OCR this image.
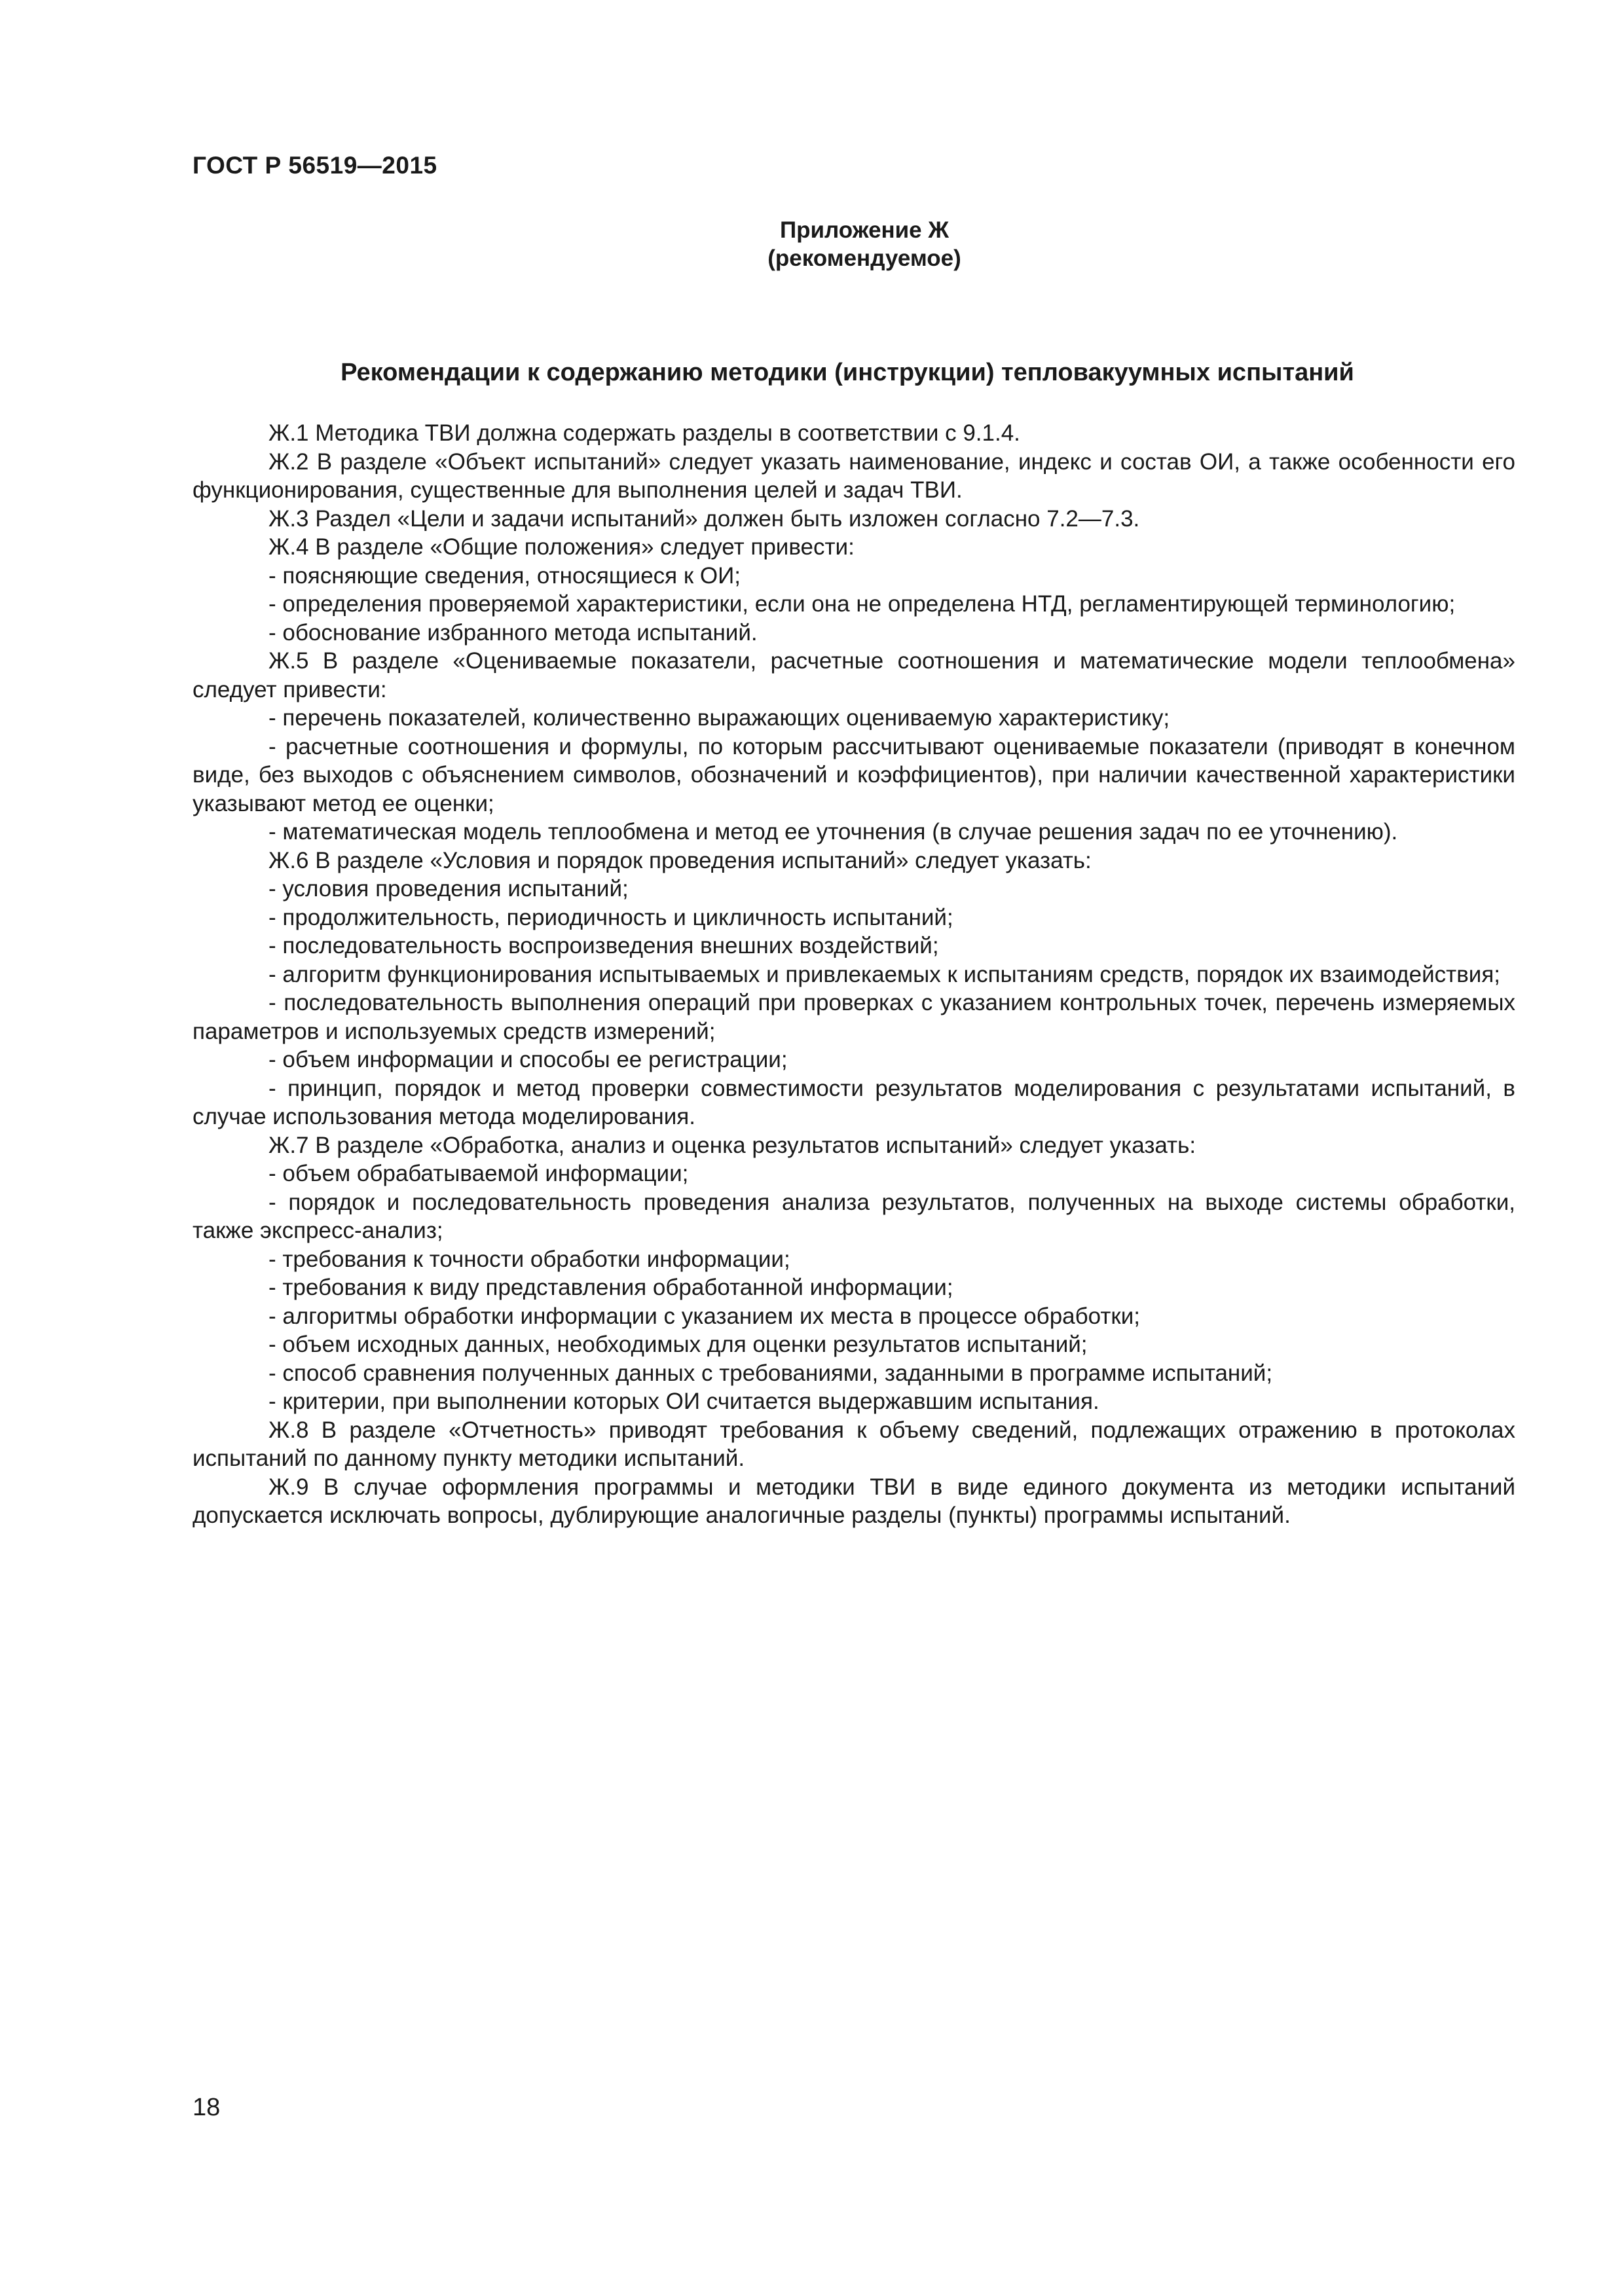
ГОСТ Р 56519—2015
Приложение Ж
(рекомендуемое)
Рекомендации к содержанию методики (инструкции) тепловакуумных испытаний

Ж.1 Методика ТВИ должна содержать разделы в соответствии с 9.1.4.

Ж.2 В разделе «Объект испытаний» следует указать наименование, индекс и состав ОИ, а также особенности его функционирования, существенные для выполнения целей и задач ТВИ.

Ж.3 Раздел «Цели и задачи испытаний» должен быть изложен согласно 7.2—7.3.

Ж.4 В разделе «Общие положения» следует привести:

- поясняющие сведения, относящиеся к ОИ;

- определения проверяемой характеристики, если она не определена НТД, регламентирующей терминологию;

- обоснование избранного метода испытаний.

Ж.5 В разделе «Оцениваемые показатели, расчетные соотношения и математические модели теплообмена» следует привести:

- перечень показателей, количественно выражающих оцениваемую характеристику;

- расчетные соотношения и формулы, по которым рассчитывают оцениваемые показатели (приводят в конечном виде, без выходов с объяснением символов, обозначений и коэффициентов), при наличии качественной характеристики указывают метод ее оценки;

- математическая модель теплообмена и метод ее уточнения (в случае решения задач по ее уточнению).

Ж.6 В разделе «Условия и порядок проведения испытаний» следует указать:

- условия проведения испытаний;

- продолжительность, периодичность и цикличность испытаний;

- последовательность воспроизведения внешних воздействий;

- алгоритм функционирования испытываемых и привлекаемых к испытаниям средств, порядок их взаимодействия;

- последовательность выполнения операций при проверках с указанием контрольных точек, перечень измеряемых параметров и используемых средств измерений;

- объем информации и способы ее регистрации;

- принцип, порядок и метод проверки совместимости результатов моделирования с результатами испытаний, в случае использования метода моделирования.

Ж.7 В разделе «Обработка, анализ и оценка результатов испытаний» следует указать:

- объем обрабатываемой информации;

- порядок и последовательность проведения анализа результатов, полученных на выходе системы обработки, также экспресс-анализ;

- требования к точности обработки информации;

- требования к виду представления обработанной информации;

- алгоритмы обработки информации с указанием их места в процессе обработки;

- объем исходных данных, необходимых для оценки результатов испытаний;

- способ сравнения полученных данных с требованиями, заданными в программе испытаний;

- критерии, при выполнении которых ОИ считается выдержавшим испытания.

Ж.8 В разделе «Отчетность» приводят требования к объему сведений, подлежащих отражению в протоколах испытаний по данному пункту методики испытаний.

Ж.9 В случае оформления программы и методики ТВИ в виде единого документа из методики испытаний допускается исключать вопросы, дублирующие аналогичные разделы (пункты) программы испытаний.

18
